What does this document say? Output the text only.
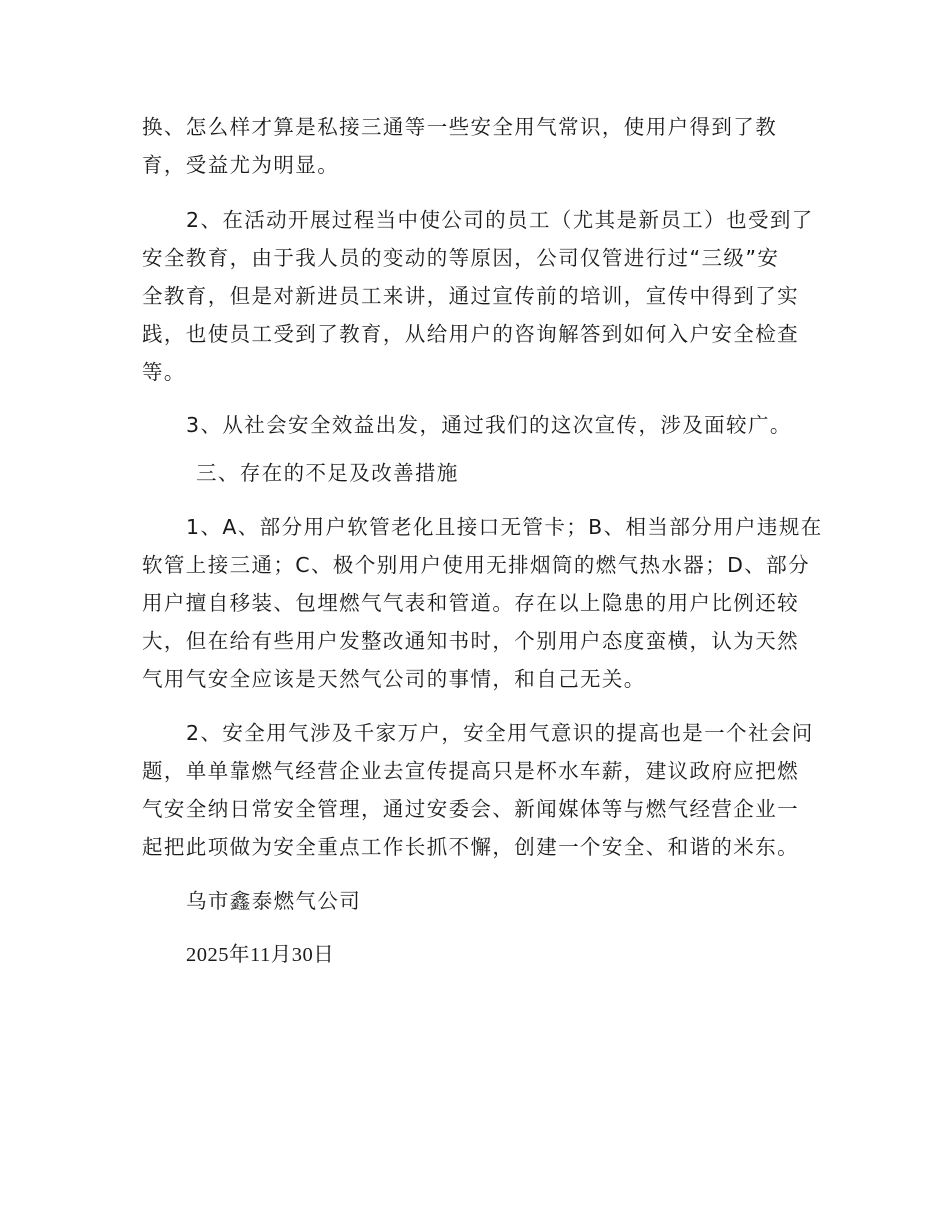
换、怎么样才算是私接三通等一些安全用气常识，使用户得到了教
育，受益尤为明显。
2、在活动开展过程当中使公司的员工（尤其是新员工）也受到了
安全教育，由于我人员的变动的等原因，公司仅管进行过“三级”安
全教育，但是对新进员工来讲，通过宣传前的培训，宣传中得到了实
践，也使员工受到了教育，从给用户的咨询解答到如何入户安全检查
等。
3、从社会安全效益出发，通过我们的这次宣传，涉及面较广。
三、存在的不足及改善措施
1、A、部分用户软管老化且接口无管卡；B、相当部分用户违规在
软管上接三通；C、极个别用户使用无排烟筒的燃气热水器；D、部分
用户擅自移装、包埋燃气气表和管道。存在以上隐患的用户比例还较
大，但在给有些用户发整改通知书时，个别用户态度蛮横，认为天然
气用气安全应该是天然气公司的事情，和自己无关。
2、安全用气涉及千家万户，安全用气意识的提高也是一个社会问
题，单单靠燃气经营企业去宣传提高只是杯水车薪，建议政府应把燃
气安全纳日常安全管理，通过安委会、新闻媒体等与燃气经营企业一
起把此项做为安全重点工作长抓不懈，创建一个安全、和谐的米东。
乌市鑫泰燃气公司
2025年11月30日
